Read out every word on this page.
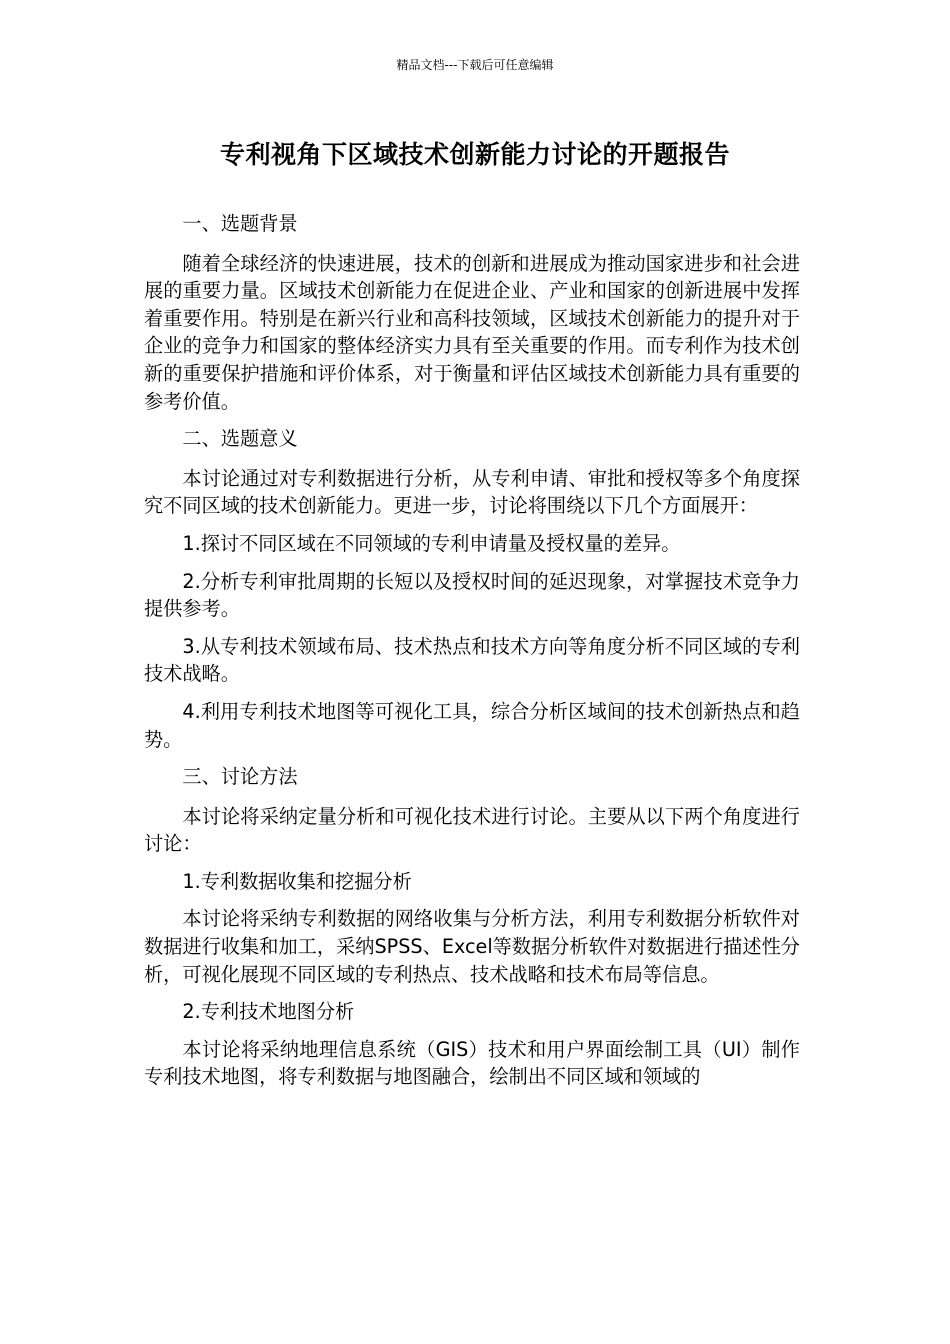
精品文档---下载后可任意编辑
专利视角下区域技术创新能力讨论的开题报告

一、选题背景

随着全球经济的快速进展，技术的创新和进展成为推动国家进步和社会进展的重要力量。区域技术创新能力在促进企业、产业和国家的创新进展中发挥着重要作用。特别是在新兴行业和高科技领域，区域技术创新能力的提升对于企业的竞争力和国家的整体经济实力具有至关重要的作用。而专利作为技术创新的重要保护措施和评价体系，对于衡量和评估区域技术创新能力具有重要的参考价值。

二、选题意义

本讨论通过对专利数据进行分析，从专利申请、审批和授权等多个角度探究不同区域的技术创新能力。更进一步，讨论将围绕以下几个方面展开：

1.探讨不同区域在不同领域的专利申请量及授权量的差异。

2.分析专利审批周期的长短以及授权时间的延迟现象，对掌握技术竞争力提供参考。

3.从专利技术领域布局、技术热点和技术方向等角度分析不同区域的专利技术战略。

4.利用专利技术地图等可视化工具，综合分析区域间的技术创新热点和趋势。

三、讨论方法

本讨论将采纳定量分析和可视化技术进行讨论。主要从以下两个角度进行讨论：

1.专利数据收集和挖掘分析

本讨论将采纳专利数据的网络收集与分析方法，利用专利数据分析软件对数据进行收集和加工，采纳SPSS、Excel等数据分析软件对数据进行描述性分析，可视化展现不同区域的专利热点、技术战略和技术布局等信息。

2.专利技术地图分析

本讨论将采纳地理信息系统（GIS）技术和用户界面绘制工具（UI）制作专利技术地图，将专利数据与地图融合，绘制出不同区域和领域的
